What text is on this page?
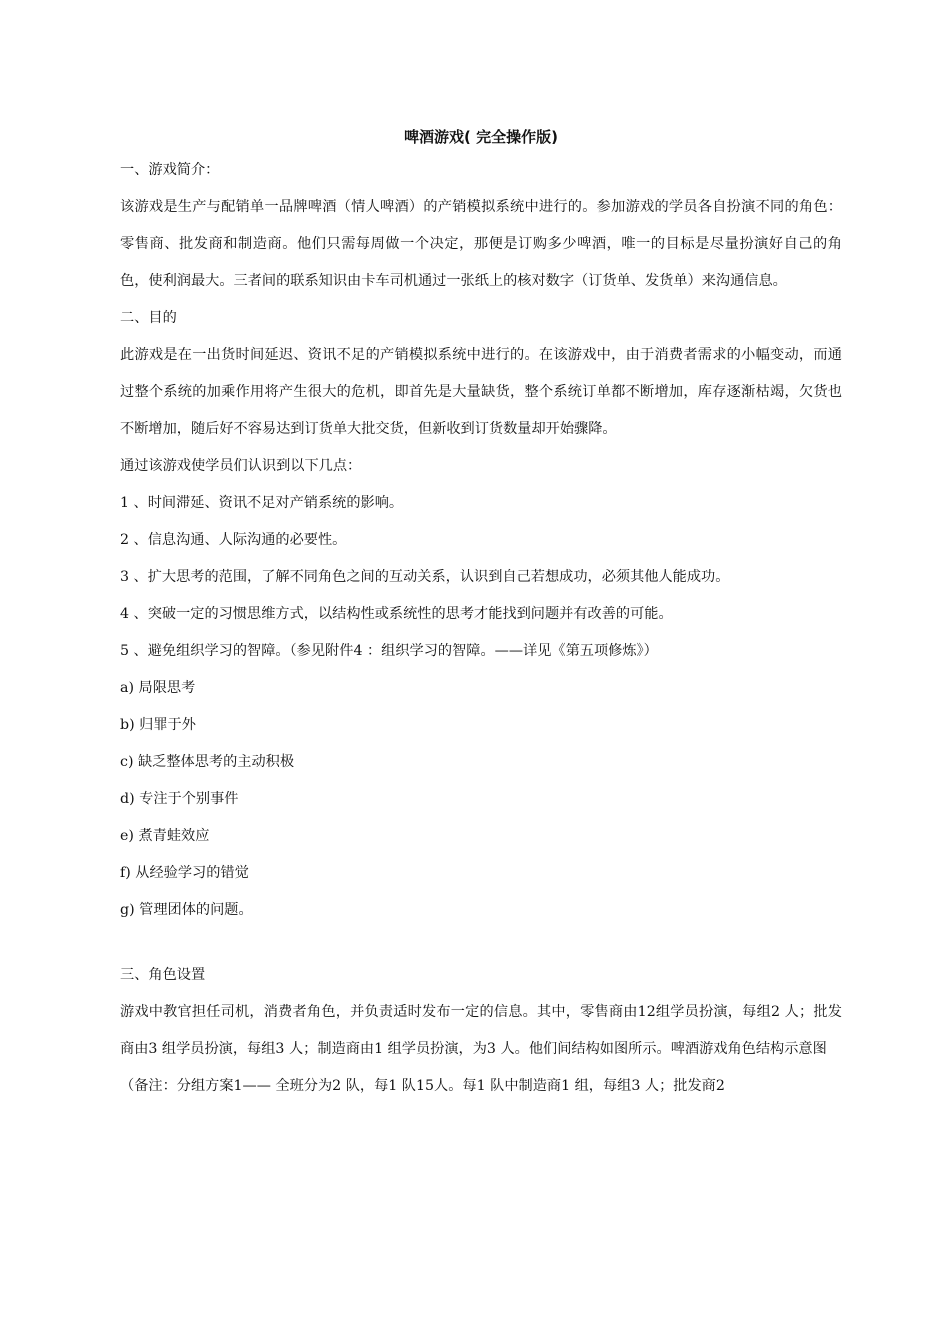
啤酒游戏( 完全操作版)

一、游戏简介：

该游戏是生产与配销单一品牌啤酒（情人啤酒）的产销模拟系统中进行的。参加游戏的学员各自扮演不同的角色：零售商、批发商和制造商。他们只需每周做一个决定，那便是订购多少啤酒，唯一的目标是尽量扮演好自己的角色，使利润最大。三者间的联系知识由卡车司机通过一张纸上的核对数字（订货单、发货单）来沟通信息。

二、目的

此游戏是在一出货时间延迟、资讯不足的产销模拟系统中进行的。在该游戏中，由于消费者需求的小幅变动，而通过整个系统的加乘作用将产生很大的危机，即首先是大量缺货，整个系统订单都不断增加，库存逐渐枯竭，欠货也不断增加，随后好不容易达到订货单大批交货，但新收到订货数量却开始骤降。

通过该游戏使学员们认识到以下几点：

1 、时间滞延、资讯不足对产销系统的影响。

2 、信息沟通、人际沟通的必要性。

3 、扩大思考的范围，了解不同角色之间的互动关系，认识到自己若想成功，必须其他人能成功。

4 、突破一定的习惯思维方式，以结构性或系统性的思考才能找到问题并有改善的可能。

5 、避免组织学习的智障。（参见附件4 ：组织学习的智障。——详见《第五项修炼》）

a) 局限思考

b) 归罪于外

c) 缺乏整体思考的主动积极

d) 专注于个别事件

e) 煮青蛙效应

f) 从经验学习的错觉

g) 管理团体的问题。

三、角色设置

游戏中教官担任司机，消费者角色，并负责适时发布一定的信息。其中，零售商由12组学员扮演，每组2 人；批发商由3 组学员扮演，每组3 人；制造商由1 组学员扮演，为3 人。他们间结构如图所示。啤酒游戏角色结构示意图

（备注：分组方案1—— 全班分为2 队，每1 队15人。每1 队中制造商1 组，每组3 人；批发商2
